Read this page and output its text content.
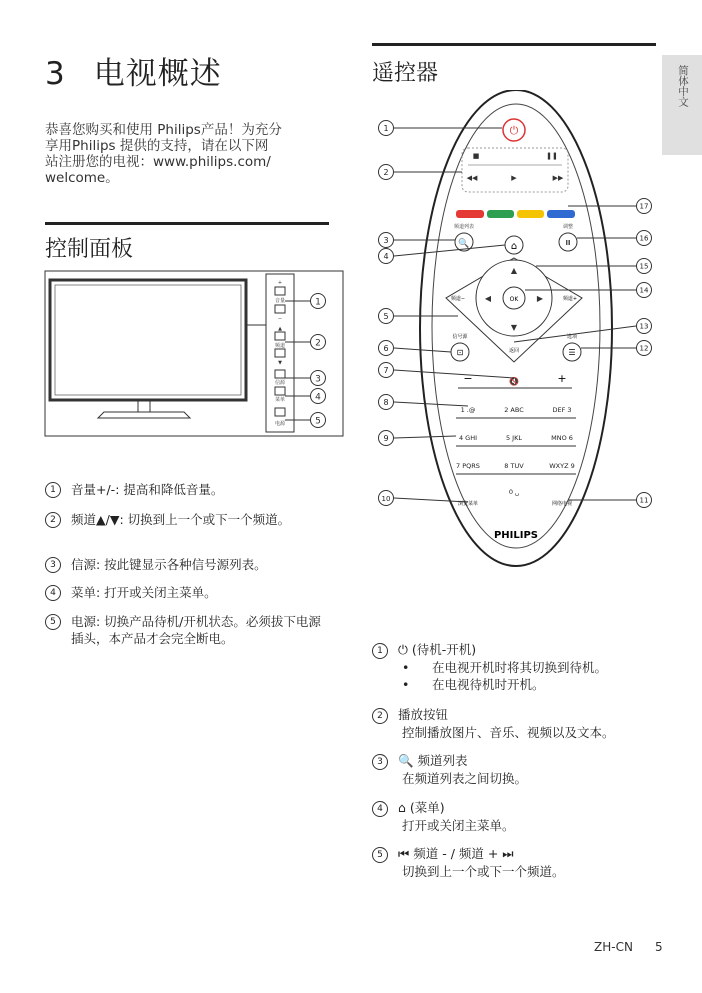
3 电视概述
恭喜您购买和使用 Philips产品！为充分
享用Philips 提供的支持，请在以下网
站注册您的电视：www.philips.com/
welcome。
控制面板
遥控器	简体中文
+
音量
−
▲
频道
▼
信源
菜单
电源
1
2
3
4
5
1 音量+/-: 提高和降低音量。
2 频道▲/▼: 切换到上一个或下一个频道。
3 信源: 按此键显示各种信号源列表。
4 菜单: 打开或关闭主菜单。
5 电源: 切换产品待机/开机状态。必须拔下电源插头，本产品才会完全断电。
⏻
■	❚❚
◀◀	▶	▶▶
🔍
频道列表
Ⅲ
调整
⌂
OK
▲
▼
◀	▶
频道−	频道+
返回
⊡
信号源
☰
选项
−	+
🔇
1 .@	2 ABC	DEF 3
4 GHI	5 JKL	MNO 6
7 PQRS	8 TUV	WXYZ 9
0 ␣
浏览菜单	网络电视
PHILIPS
1
2
3
4
5
6
7
8
9
10
17
16
15
14
13
12
11
1 ⏻ (待机-开机)
• 在电视开机时将其切换到待机。
• 在电视待机时开机。
2 播放按钮
控制播放图片、音乐、视频以及文本。
3 🔍 频道列表
在频道列表之间切换。
4 ⌂ (菜单)
打开或关闭主菜单。
5 ⏮ 频道 - / 频道 + ⏭
切换到上一个或下一个频道。
ZH-CN 5
